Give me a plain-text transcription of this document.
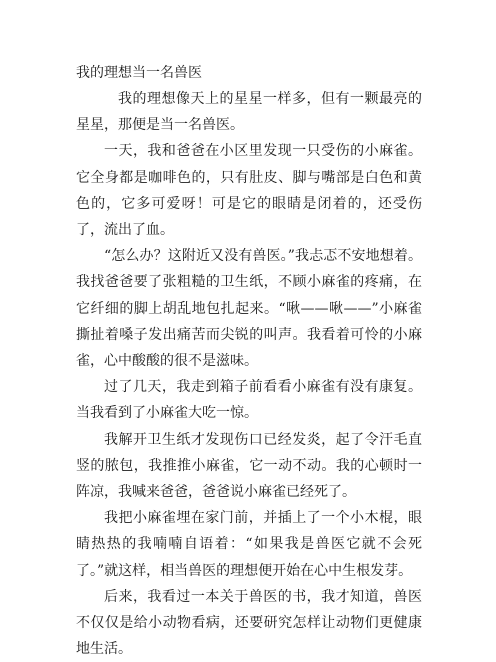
我的理想当一名兽医

我的理想像天上的星星一样多，但有一颗最亮的星星，那便是当一名兽医。

一天，我和爸爸在小区里发现一只受伤的小麻雀。它全身都是咖啡色的，只有肚皮、脚与嘴部是白色和黄色的，它多可爱呀！可是它的眼睛是闭着的，还受伤了，流出了血。

“怎么办？这附近又没有兽医。”我忐忑不安地想着。我找爸爸要了张粗糙的卫生纸，不顾小麻雀的疼痛，在它纤细的脚上胡乱地包扎起来。“啾——啾——”小麻雀撕扯着嗓子发出痛苦而尖锐的叫声。我看着可怜的小麻雀，心中酸酸的很不是滋味。

过了几天，我走到箱子前看看小麻雀有没有康复。当我看到了小麻雀大吃一惊。

我解开卫生纸才发现伤口已经发炎，起了令汗毛直竖的脓包，我推推小麻雀，它一动不动。我的心顿时一阵凉，我喊来爸爸，爸爸说小麻雀已经死了。

我把小麻雀埋在家门前，并插上了一个小木棍，眼睛热热的我喃喃自语着：“如果我是兽医它就不会死了。”就这样，相当兽医的理想便开始在心中生根发芽。

后来，我看过一本关于兽医的书，我才知道，兽医不仅仅是给小动物看病，还要研究怎样让动物们更健康地生活。
